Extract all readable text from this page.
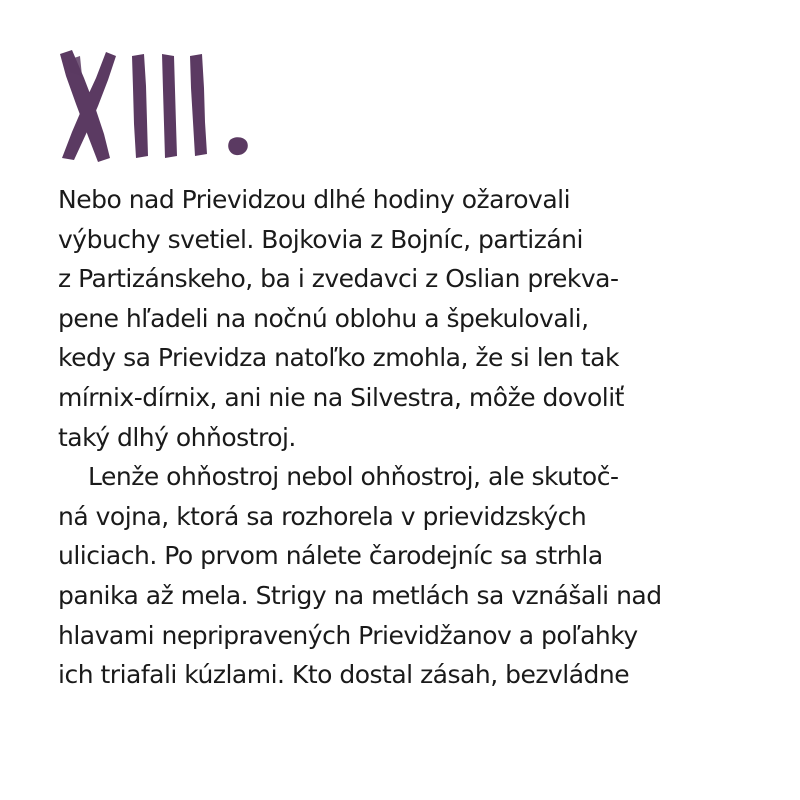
Nebo nad Prievidzou dlhé hodiny ožarovali
výbuchy svetiel. Bojkovia z Bojníc, partizáni
z Partizánskeho, ba i zvedavci z Oslian prekva-
pene hľadeli na nočnú oblohu a špekulovali,
kedy sa Prievidza natoľko zmohla, že si len tak
mírnix-dírnix, ani nie na Silvestra, môže dovoliť
taký dlhý ohňostroj.
Lenže ohňostroj nebol ohňostroj, ale skutoč-
ná vojna, ktorá sa rozhorela v prievidzských
uliciach. Po prvom nálete čarodejníc sa strhla
panika až mela. Strigy na metlách sa vznášali nad
hlavami nepripravených Prievidžanov a poľahky
ich triafali kúzlami. Kto dostal zásah, bezvládne
